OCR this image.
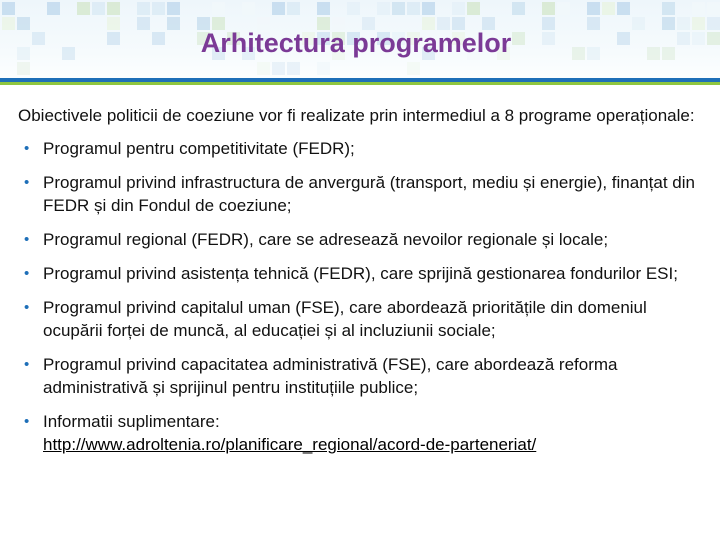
Arhitectura programelor

Obiectivele politicii de coeziune vor fi realizate prin intermediul a 8 programe operaționale:

• Programul pentru competitivitate (FEDR);
• Programul privind infrastructura de anvergură (transport, mediu și energie), finanțat din FEDR și din Fondul de coeziune;
• Programul regional (FEDR), care se adresează nevoilor regionale și locale;
• Programul privind asistența tehnică (FEDR), care sprijină gestionarea fondurilor ESI;
• Programul privind capitalul uman (FSE), care abordează prioritățile din domeniul ocupării forței de muncă, al educației și al incluziunii sociale;
• Programul privind capacitatea administrativă (FSE), care abordează reforma administrativă și sprijinul pentru instituțiile publice;
• Informatii suplimentare:
http://www.adroltenia.ro/planificare_regional/acord-de-parteneriat/
